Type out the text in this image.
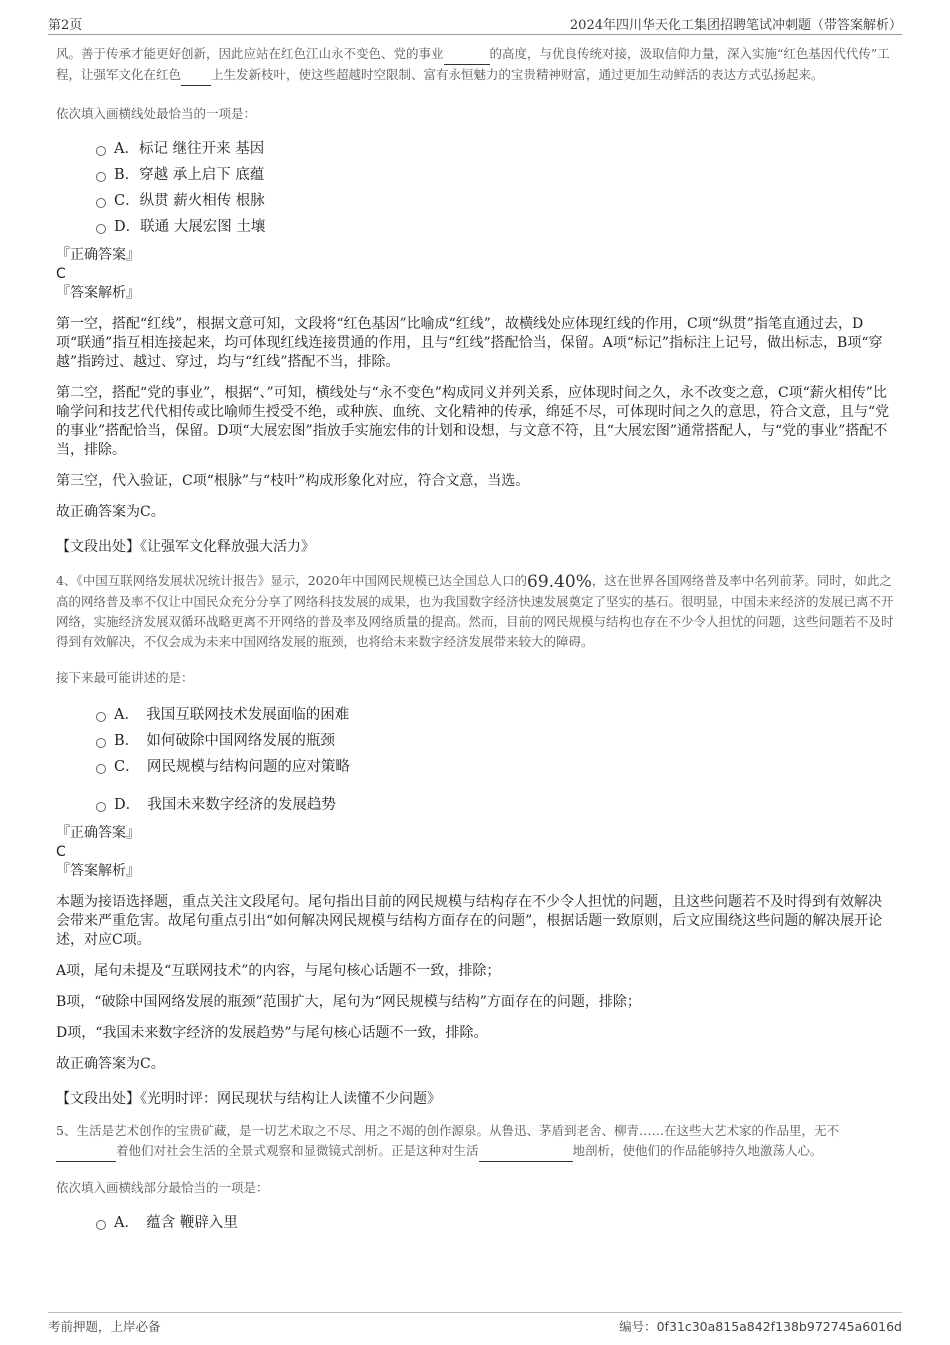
第2页	2024年四川华天化工集团招聘笔试冲刺题（带答案解析）

风。善于传承才能更好创新，因此应站在红色江山永不变色、党的事业	的高度，与优良传统对接，汲取信仰力量，深入实施“红色基因代代传”工程，让强军文化在红色 上生发新枝叶，使这些超越时空限制、富有永恒魅力的宝贵精神财富，通过更加生动鲜活的表达方式弘扬起来。

依次填入画横线处最恰当的一项是：

A．标记 继往开来 基因
B．穿越 承上启下 底蕴
C．纵贯 薪火相传 根脉
D．联通 大展宏图 土壤

『正确答案』

C

『答案解析』

第一空，搭配“红线”，根据文意可知，文段将“红色基因”比喻成“红线”，故横线处应体现红线的作用，C项“纵贯”指笔直通过去，D项“联通”指互相连接起来，均可体现红线连接贯通的作用，且与“红线”搭配恰当，保留。A项“标记”指标注上记号，做出标志，B项“穿越”指跨过、越过、穿过，均与“红线”搭配不当，排除。

第二空，搭配“党的事业”，根据“、”可知，横线处与“永不变色”构成同义并列关系，应体现时间之久，永不改变之意，C项“薪火相传”比喻学问和技艺代代相传或比喻师生授受不绝，或种族、血统、文化精神的传承，绵延不尽，可体现时间之久的意思，符合文意，且与“党的事业”搭配恰当，保留。D项“大展宏图”指放手实施宏伟的计划和设想，与文意不符，且“大展宏图”通常搭配人，与“党的事业”搭配不当，排除。

第三空，代入验证，C项“根脉”与“枝叶”构成形象化对应，符合文意，当选。

故正确答案为C。

【文段出处】《让强军文化释放强大活力》

4、《中国互联网络发展状况统计报告》显示，2020年中国网民规模已达全国总人口的69.40%，这在世界各国网络普及率中名列前茅。同时，如此之高的网络普及率不仅让中国民众充分分享了网络科技发展的成果，也为我国数字经济快速发展奠定了坚实的基石。很明显，中国未来经济的发展已离不开网络，实施经济发展双循环战略更离不开网络的普及率及网络质量的提高。然而，目前的网民规模与结构也存在不少令人担忧的问题，这些问题若不及时得到有效解决，不仅会成为未来中国网络发展的瓶颈，也将给未来数字经济发展带来较大的障碍。

接下来最可能讲述的是：

A．　我国互联网技术发展面临的困难
B．　如何破除中国网络发展的瓶颈
C．　网民规模与结构问题的应对策略
D．　我国未来数字经济的发展趋势

『正确答案』

C

『答案解析』

本题为接语选择题，重点关注文段尾句。尾句指出目前的网民规模与结构存在不少令人担忧的问题，且这些问题若不及时得到有效解决会带来严重危害。故尾句重点引出“如何解决网民规模与结构方面存在的问题”，根据话题一致原则，后文应围绕这些问题的解决展开论述，对应C项。

A项，尾句未提及“互联网技术”的内容，与尾句核心话题不一致，排除；

B项，“破除中国网络发展的瓶颈”范围扩大，尾句为“网民规模与结构”方面存在的问题，排除；

D项，“我国未来数字经济的发展趋势”与尾句核心话题不一致，排除。

故正确答案为C。

【文段出处】《光明时评：网民现状与结构让人读懂不少问题》

5、生活是艺术创作的宝贵矿藏，是一切艺术取之不尽、用之不竭的创作源泉。从鲁迅、茅盾到老舍、柳青……在这些大艺术家的作品里，无不着他们对社会生活的全景式观察和显微镜式剖析。正是这种对生活	地剖析，使他们的作品能够持久地激荡人心。

依次填入画横线部分最恰当的一项是：

A．　蕴含 鞭辟入里
考前押题，上岸必备	编号：0f31c30a815a842f138b972745a6016d
